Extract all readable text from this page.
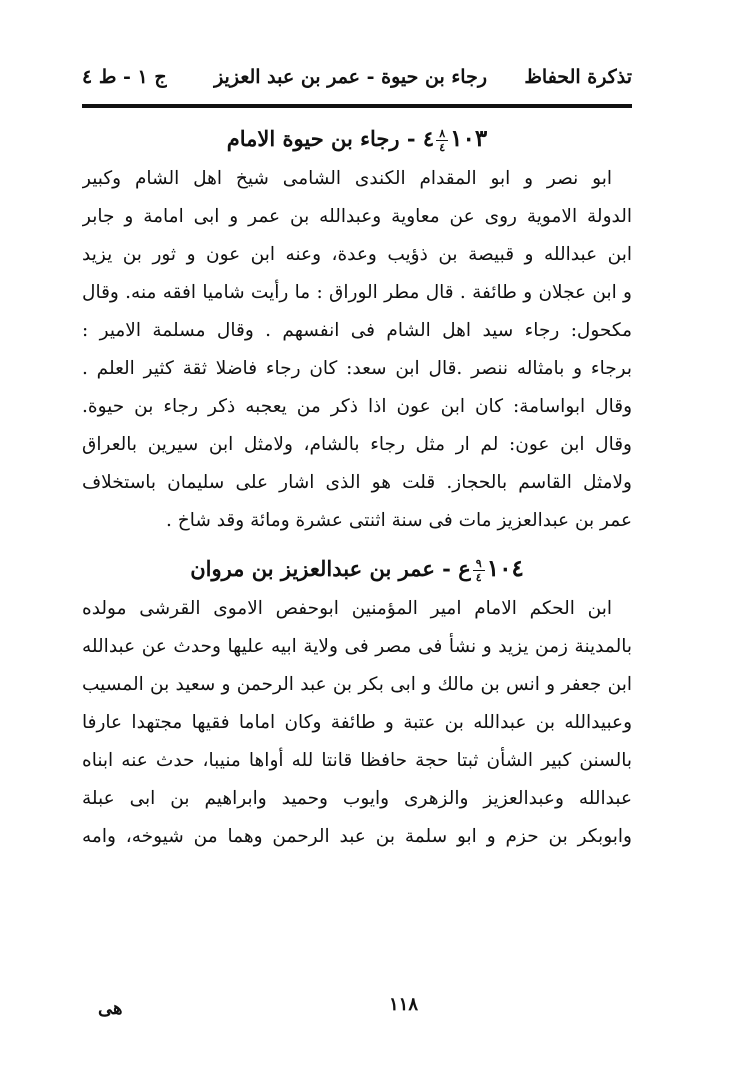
تذكرة الحفاظ
رجاء بن حيوة - عمر بن عبد العزيز
ج ١ - ط ٤
١٠٣
$\frac{٨}{٤}$
٤ - رجاء بن حيوة الامام
ابو نصر و ابو المقدام الكندى الشامى شيخ اهل الشام وكبير
الدولة الاموية روى عن معاوية وعبدالله بن عمر و ابى امامة و جابر
ابن عبدالله و قبيصة بن ذؤيب وعدة، وعنه ابن عون و ثور بن يزيد
و ابن عجلان و طائفة . قال مطر الوراق : ما رأيت شاميا افقه منه. وقال
مكحول: رجاء سيد اهل الشام فى انفسهم . وقال مسلمة الامير :
برجاء و بامثاله ننصر .قال ابن سعد: كان رجاء فاضلا ثقة كثير العلم .
وقال ابواسامة: كان ابن عون اذا ذكر من يعجبه ذكر رجاء بن حيوة.
وقال ابن عون: لم ار مثل رجاء بالشام، ولامثل ابن سيرين بالعراق
ولامثل القاسم بالحجاز. قلت هو الذى اشار على سليمان باستخلاف
عمر بن عبدالعزيز مات فى سنة اثنتى عشرة ومائة وقد شاخ .
١٠٤
$\frac{٩}{٤}$
ع - عمر بن عبدالعزيز بن مروان
ابن الحكم الامام امير المؤمنين ابوحفص الاموى القرشى مولده
بالمدينة زمن يزيد و نشأ فى مصر فى ولاية ابيه عليها وحدث عن عبدالله
ابن جعفر و انس بن مالك و ابى بكر بن عبد الرحمن و سعيد بن المسيب
وعبيدالله بن عبدالله بن عتبة و طائفة وكان اماما فقيها مجتهدا عارفا
بالسنن كبير الشأن ثبتا حجة حافظا قانتا لله أواها منيبا، حدث عنه ابناه
عبدالله وعبدالعزيز والزهرى وايوب وحميد وابراهيم بن ابى عبلة
وابوبكر بن حزم و ابو سلمة بن عبد الرحمن وهما من شيوخه، وامه
١١٨
هى
